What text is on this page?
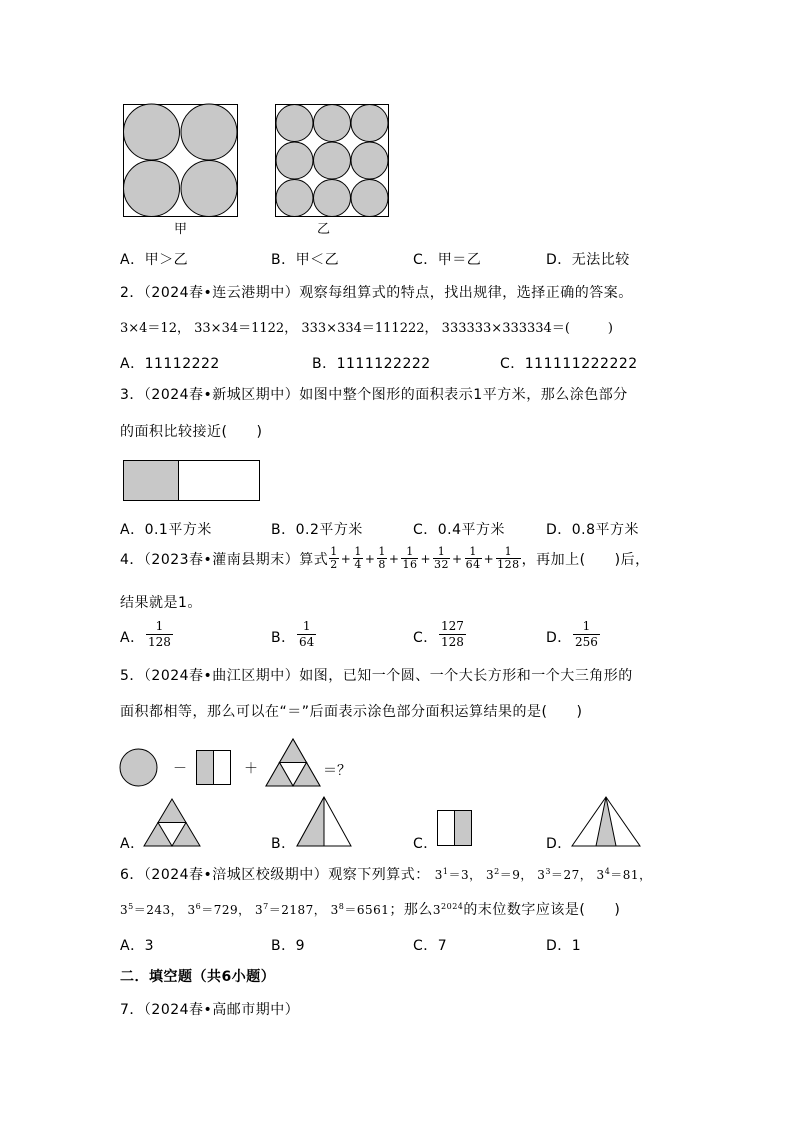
甲	乙
A．甲＞乙	B．甲＜乙	C．甲＝乙	D．无法比较
2．（2024春•连云港期中）观察每组算式的特点，找出规律，选择正确的答案。
3×4＝12， 33×34＝1122， 333×334＝111222， 333333×333334＝(	)
A．11112222	B．1111122222	C．111111222222
3．（2024春•新城区期中）如图中整个图形的面积表示1平方米，那么涂色部分
的面积比较接近(　　)
A．0.1平方米	B．0.2平方米	C．0.4平方米	D．0.8平方米
4．（2023春•灌南县期末）算式 $\frac{1}{2} + \frac{1}{4} + \frac{1}{8} + \frac{1}{16} + \frac{1}{32} + \frac{1}{64} + \frac{1}{128}$ ，再加上(　　)后，
结果就是1。
A． $\frac{1}{128}$	B． $\frac{1}{64}$	C． $\frac{127}{128}$	D． $\frac{1}{256}$
5．（2024春•曲江区期中）如图，已知一个圆、一个大长方形和一个大三角形的
面积都相等，那么可以在“＝”后面表示涂色部分面积运算结果的是(　　)
－	＋	＝？
A．	B．	C．	D．
6．（2024春•涪城区校级期中）观察下列算式： $3^1=3$， $3^2=9$， $3^3=27$， $3^4=81$，
$3^5=243$， $3^6=729$， $3^7=2187$， $3^8=6561$；那么$3^{2024}$的末位数字应该是(　　)
A．3	B．9	C．7	D．1
二．填空题（共6小题）
7．（2024春•高邮市期中）
